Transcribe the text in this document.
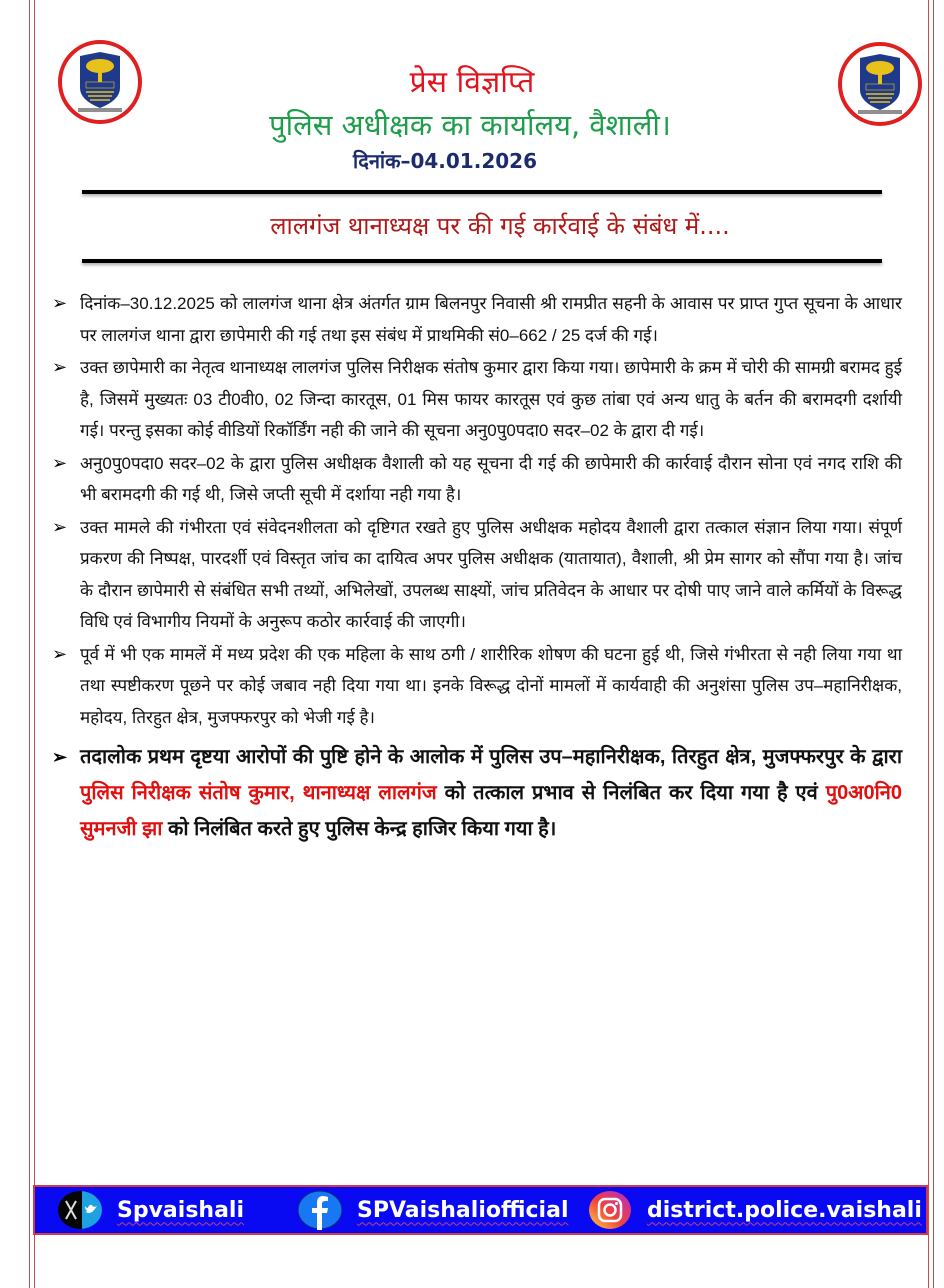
प्रेस विज्ञप्ति
पुलिस अधीक्षक का कार्यालय, वैशाली।
दिनांक–04.01.2026
लालगंज थानाध्यक्ष पर की गई कार्रवाई के संबंध में....
➢ दिनांक–30.12.2025 को लालगंज थाना क्षेत्र अंतर्गत ग्राम बिलनपुर निवासी श्री रामप्रीत सहनी के आवास पर प्राप्त गुप्त सूचना के आधार पर लालगंज थाना द्वारा छापेमारी की गई तथा इस संबंध में प्राथमिकी सं0–662 / 25 दर्ज की गई।
➢ उक्त छापेमारी का नेतृत्व थानाध्यक्ष लालगंज पुलिस निरीक्षक संतोष कुमार द्वारा किया गया। छापेमारी के क्रम में चोरी की सामग्री बरामद हुई है, जिसमें मुख्यतः 03 टी0वी0, 02 जिन्दा कारतूस, 01 मिस फायर कारतूस एवं कुछ तांबा एवं अन्य धातु के बर्तन की बरामदगी दर्शायी गई। परन्तु इसका कोई वीडियों रिकॉर्डिंग नही की जाने की सूचना अनु0पु0पदा0 सदर–02 के द्वारा दी गई।
➢ अनु0पु0पदा0 सदर–02 के द्वारा पुलिस अधीक्षक वैशाली को यह सूचना दी गई की छापेमारी की कार्रवाई दौरान सोना एवं नगद राशि की भी बरामदगी की गई थी, जिसे जप्ती सूची में दर्शाया नही गया है।
➢ उक्त मामले की गंभीरता एवं संवेदनशीलता को दृष्टिगत रखते हुए पुलिस अधीक्षक महोदय वैशाली द्वारा तत्काल संज्ञान लिया गया। संपूर्ण प्रकरण की निष्पक्ष, पारदर्शी एवं विस्तृत जांच का दायित्व अपर पुलिस अधीक्षक (यातायात), वैशाली, श्री प्रेम सागर को सौंपा गया है। जांच के दौरान छापेमारी से संबंधित सभी तथ्यों, अभिलेखों, उपलब्ध साक्ष्यों, जांच प्रतिवेदन के आधार पर दोषी पाए जाने वाले कर्मियों के विरूद्ध विधि एवं विभागीय नियमों के अनुरूप कठोर कार्रवाई की जाएगी।
➢ पूर्व में भी एक मामलें में मध्य प्रदेश की एक महिला के साथ ठगी / शारीरिक शोषण की घटना हुई थी, जिसे गंभीरता से नही लिया गया था तथा स्पष्टीकरण पूछने पर कोई जबाव नही दिया गया था। इनके विरूद्ध दोनों मामलों में कार्यवाही की अनुशंसा पुलिस उप–महानिरीक्षक, महोदय, तिरहुत क्षेत्र, मुजफ्फरपुर को भेजी गई है।
➢ तदालोक प्रथम दृष्टया आरोपों की पुष्टि होने के आलोक में पुलिस उप–महानिरीक्षक, तिरहुत क्षेत्र, मुजफ्फरपुर के द्वारा पुलिस निरीक्षक संतोष कुमार, थानाध्यक्ष लालगंज को तत्काल प्रभाव से निलंबित कर दिया गया है एवं पु0अ0नि0 सुमनजी झा को निलंबित करते हुए पुलिस केन्द्र हाजिर किया गया है।
Spvaishali	SPVaishaliofficial	district.police.vaishali
